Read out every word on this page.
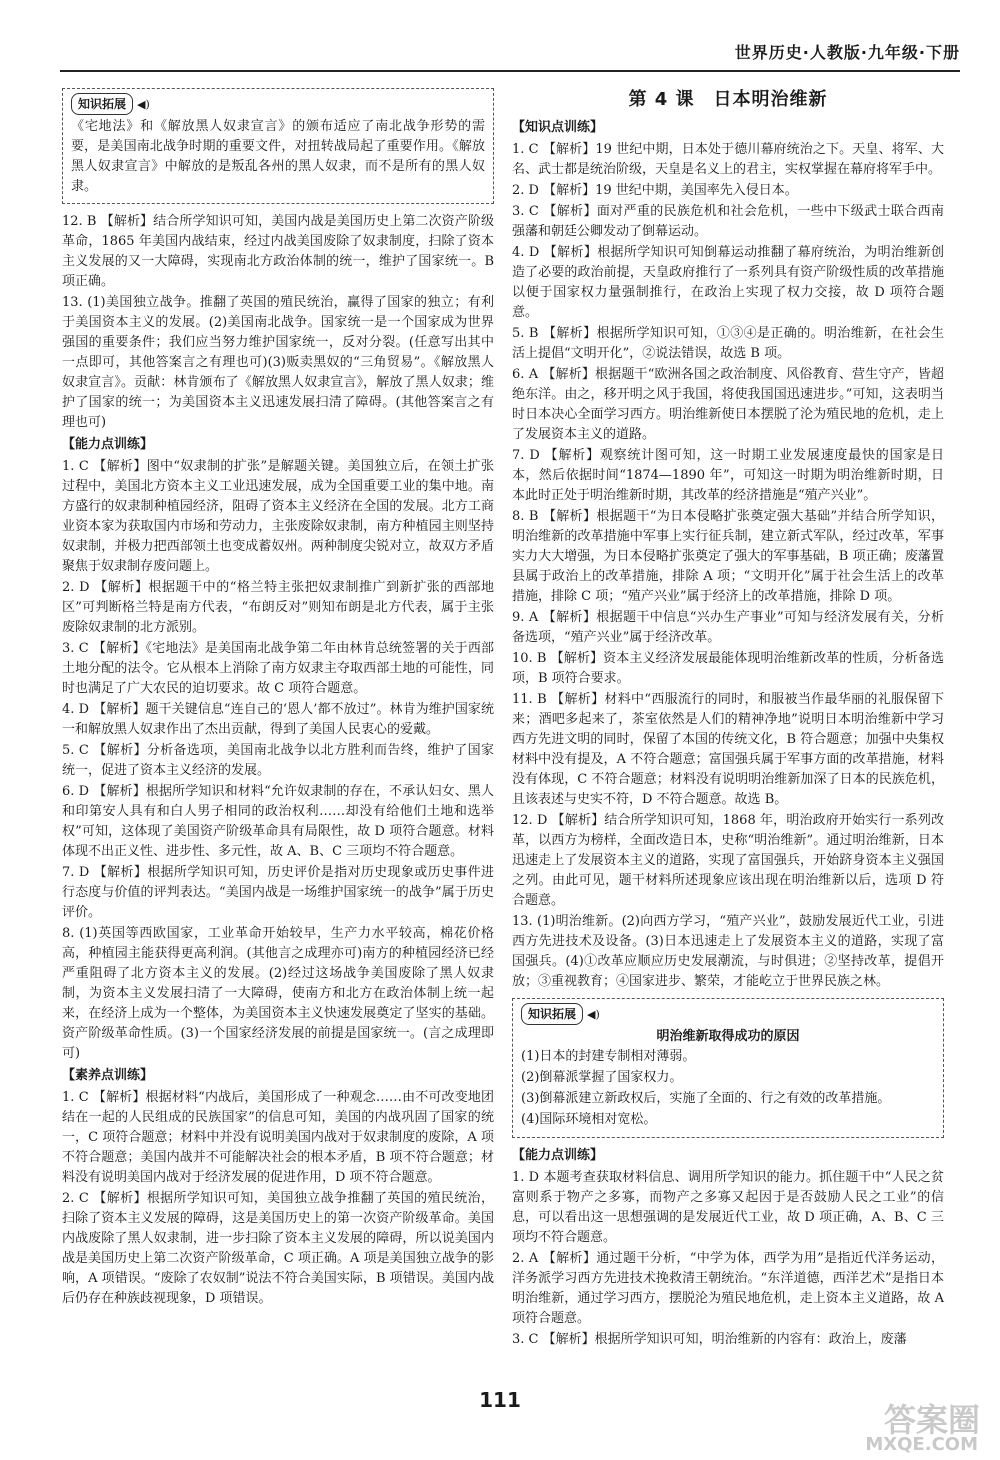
世界历史·人教版·九年级·下册
知识拓展 ◀)
《宅地法》和《解放黑人奴隶宣言》的颁布适应了南北战争形势的需要，是美国南北战争时期的重要文件，对扭转战局起了重要作用。《解放黑人奴隶宣言》中解放的是叛乱各州的黑人奴隶，而不是所有的黑人奴隶。
12. B 【解析】结合所学知识可知，美国内战是美国历史上第二次资产阶级革命，1865 年美国内战结束，经过内战美国废除了奴隶制度，扫除了资本主义发展的又一大障碍，实现南北方政治体制的统一，维护了国家统一。B 项正确。
13. (1)美国独立战争。推翻了英国的殖民统治，赢得了国家的独立；有利于美国资本主义的发展。(2)美国南北战争。国家统一是一个国家成为世界强国的重要条件；我们应当努力维护国家统一，反对分裂。(任意写出其中一点即可，其他答案言之有理也可)(3)贩卖黑奴的“三角贸易”。《解放黑人奴隶宣言》。贡献：林肯颁布了《解放黑人奴隶宣言》，解放了黑人奴隶；维护了国家的统一；为美国资本主义迅速发展扫清了障碍。(其他答案言之有理也可)
【能力点训练】
1. C 【解析】图中“奴隶制的扩张”是解题关键。美国独立后，在领土扩张过程中，美国北方资本主义工业迅速发展，成为全国重要工业的集中地。南方盛行的奴隶制种植园经济，阻碍了资本主义经济在全国的发展。北方工商业资本家为获取国内市场和劳动力，主张废除奴隶制，南方种植园主则坚持奴隶制，并极力把西部领土也变成蓄奴州。两种制度尖锐对立，故双方矛盾聚焦于奴隶制存废问题上。
2. D 【解析】根据题干中的“格兰特主张把奴隶制推广到新扩张的西部地区”可判断格兰特是南方代表，“布朗反对”则知布朗是北方代表，属于主张废除奴隶制的北方派别。
3. C 【解析】《宅地法》是美国南北战争第二年由林肯总统签署的关于西部土地分配的法令。它从根本上消除了南方奴隶主夺取西部土地的可能性，同时也满足了广大农民的迫切要求。故 C 项符合题意。
4. D 【解析】题干关键信息“连自己的‘恩人’都不放过”。林肯为维护国家统一和解放黑人奴隶作出了杰出贡献，得到了美国人民衷心的爱戴。
5. C 【解析】分析备选项，美国南北战争以北方胜利而告终，维护了国家统一，促进了资本主义经济的发展。
6. D 【解析】根据所学知识和材料“允许奴隶制的存在，不承认妇女、黑人和印第安人具有和白人男子相同的政治权利……却没有给他们土地和选举权”可知，这体现了美国资产阶级革命具有局限性，故 D 项符合题意。材料体现不出正义性、进步性、多元性，故 A、B、C 三项均不符合题意。
7. D 【解析】根据所学知识可知，历史评价是指对历史现象或历史事件进行态度与价值的评判表达。“美国内战是一场维护国家统一的战争”属于历史评价。
8. (1)英国等西欧国家，工业革命开始较早，生产力水平较高，棉花价格高，种植园主能获得更高利润。(其他言之成理亦可)南方的种植园经济已经严重阻碍了北方资本主义的发展。(2)经过这场战争美国废除了黑人奴隶制，为资本主义发展扫清了一大障碍，使南方和北方在政治体制上统一起来，在经济上成为一个整体，为美国资本主义快速发展奠定了坚实的基础。资产阶级革命性质。(3)一个国家经济发展的前提是国家统一。(言之成理即可)
【素养点训练】
1. C 【解析】根据材料“内战后，美国形成了一种观念……由不可改变地团结在一起的人民组成的民族国家”的信息可知，美国的内战巩固了国家的统一，C 项符合题意；材料中并没有说明美国内战对于奴隶制度的废除，A 项不符合题意；美国内战并不可能解决社会的根本矛盾，B 项不符合题意；材料没有说明美国内战对于经济发展的促进作用，D 项不符合题意。
2. C 【解析】根据所学知识可知，美国独立战争推翻了英国的殖民统治，扫除了资本主义发展的障碍，这是美国历史上的第一次资产阶级革命。美国内战废除了黑人奴隶制，进一步扫除了资本主义发展的障碍，所以说美国内战是美国历史上第二次资产阶级革命，C 项正确。A 项是美国独立战争的影响，A 项错误。“废除了农奴制”说法不符合美国实际，B 项错误。美国内战后仍存在种族歧视现象，D 项错误。
第 4 课　日本明治维新
【知识点训练】
1. C 【解析】19 世纪中期，日本处于德川幕府统治之下。天皇、将军、大名、武士都是统治阶级，天皇是名义上的君主，实权掌握在幕府将军手中。
2. D 【解析】19 世纪中期，美国率先入侵日本。
3. C 【解析】面对严重的民族危机和社会危机，一些中下级武士联合西南强藩和朝廷公卿发动了倒幕运动。
4. D 【解析】根据所学知识可知倒幕运动推翻了幕府统治，为明治维新创造了必要的政治前提，天皇政府推行了一系列具有资产阶级性质的改革措施以便于国家权力量强制推行，在政治上实现了权力交接，故 D 项符合题意。
5. B 【解析】根据所学知识可知，①③④是正确的。明治维新，在社会生活上提倡“文明开化”，②说法错误，故选 B 项。
6. A 【解析】根据题干“欧洲各国之政治制度、风俗教育、营生守产，皆超绝东洋。由之，移开明之风于我国，将使我国国迅速进步。”可知，这表明当时日本决心全面学习西方。明治维新使日本摆脱了沦为殖民地的危机，走上了发展资本主义的道路。
7. D 【解析】观察统计图可知，这一时期工业发展速度最快的国家是日本，然后依据时间“1874—1890 年”，可知这一时期为明治维新时期，日本此时正处于明治维新时期，其改革的经济措施是“殖产兴业”。
8. B 【解析】根据题干“为日本侵略扩张奠定强大基础”并结合所学知识，明治维新的改革措施中军事上实行征兵制，建立新式军队，经过改革，军事实力大大增强，为日本侵略扩张奠定了强大的军事基础，B 项正确；废藩置县属于政治上的改革措施，排除 A 项；“文明开化”属于社会生活上的改革措施，排除 C 项；“殖产兴业”属于经济上的改革措施，排除 D 项。
9. A 【解析】根据题干中信息“兴办生产事业”可知与经济发展有关，分析备选项，“殖产兴业”属于经济改革。
10. B 【解析】资本主义经济发展最能体现明治维新改革的性质，分析备选项，B 项符合要求。
11. B 【解析】材料中“西服流行的同时，和服被当作最华丽的礼服保留下来；酒吧多起来了，茶室依然是人们的精神净地”说明日本明治维新中学习西方先进文明的同时，保留了本国的传统文化，B 符合题意；加强中央集权材料中没有提及，A 不符合题意；富国强兵属于军事方面的改革措施，材料没有体现，C 不符合题意；材料没有说明明治维新加深了日本的民族危机，且该表述与史实不符，D 不符合题意。故选 B。
12. D 【解析】结合所学知识可知，1868 年，明治政府开始实行一系列改革，以西方为榜样，全面改造日本，史称“明治维新”。通过明治维新，日本迅速走上了发展资本主义的道路，实现了富国强兵，开始跻身资本主义强国之列。由此可见，题干材料所述现象应该出现在明治维新以后，选项 D 符合题意。
13. (1)明治维新。(2)向西方学习，“殖产兴业”，鼓励发展近代工业，引进西方先进技术及设备。(3)日本迅速走上了发展资本主义的道路，实现了富国强兵。(4)①改革应顺应历史发展潮流，与时俱进；②坚持改革，提倡开放；③重视教育；④国家进步、繁荣，才能屹立于世界民族之林。
知识拓展 ◀)
明治维新取得成功的原因
(1)日本的封建专制相对薄弱。
(2)倒幕派掌握了国家权力。
(3)倒幕派建立新政权后，实施了全面的、行之有效的改革措施。
(4)国际环境相对宽松。
【能力点训练】
1. D 本题考查获取材料信息、调用所学知识的能力。抓住题干中“人民之贫富则系于物产之多寡，而物产之多寡又起因于是否鼓励人民之工业”的信息，可以看出这一思想强调的是发展近代工业，故 D 项正确，A、B、C 三项均不符合题意。
2. A 【解析】通过题干分析，“中学为体，西学为用”是指近代洋务运动，洋务派学习西方先进技术挽救清王朝统治。“东洋道德，西洋艺术”是指日本明治维新，通过学习西方，摆脱沦为殖民地危机，走上资本主义道路，故 A 项符合题意。
3. C 【解析】根据所学知识可知，明治维新的内容有：政治上，废藩
111
答案圈
MXQE.COM
